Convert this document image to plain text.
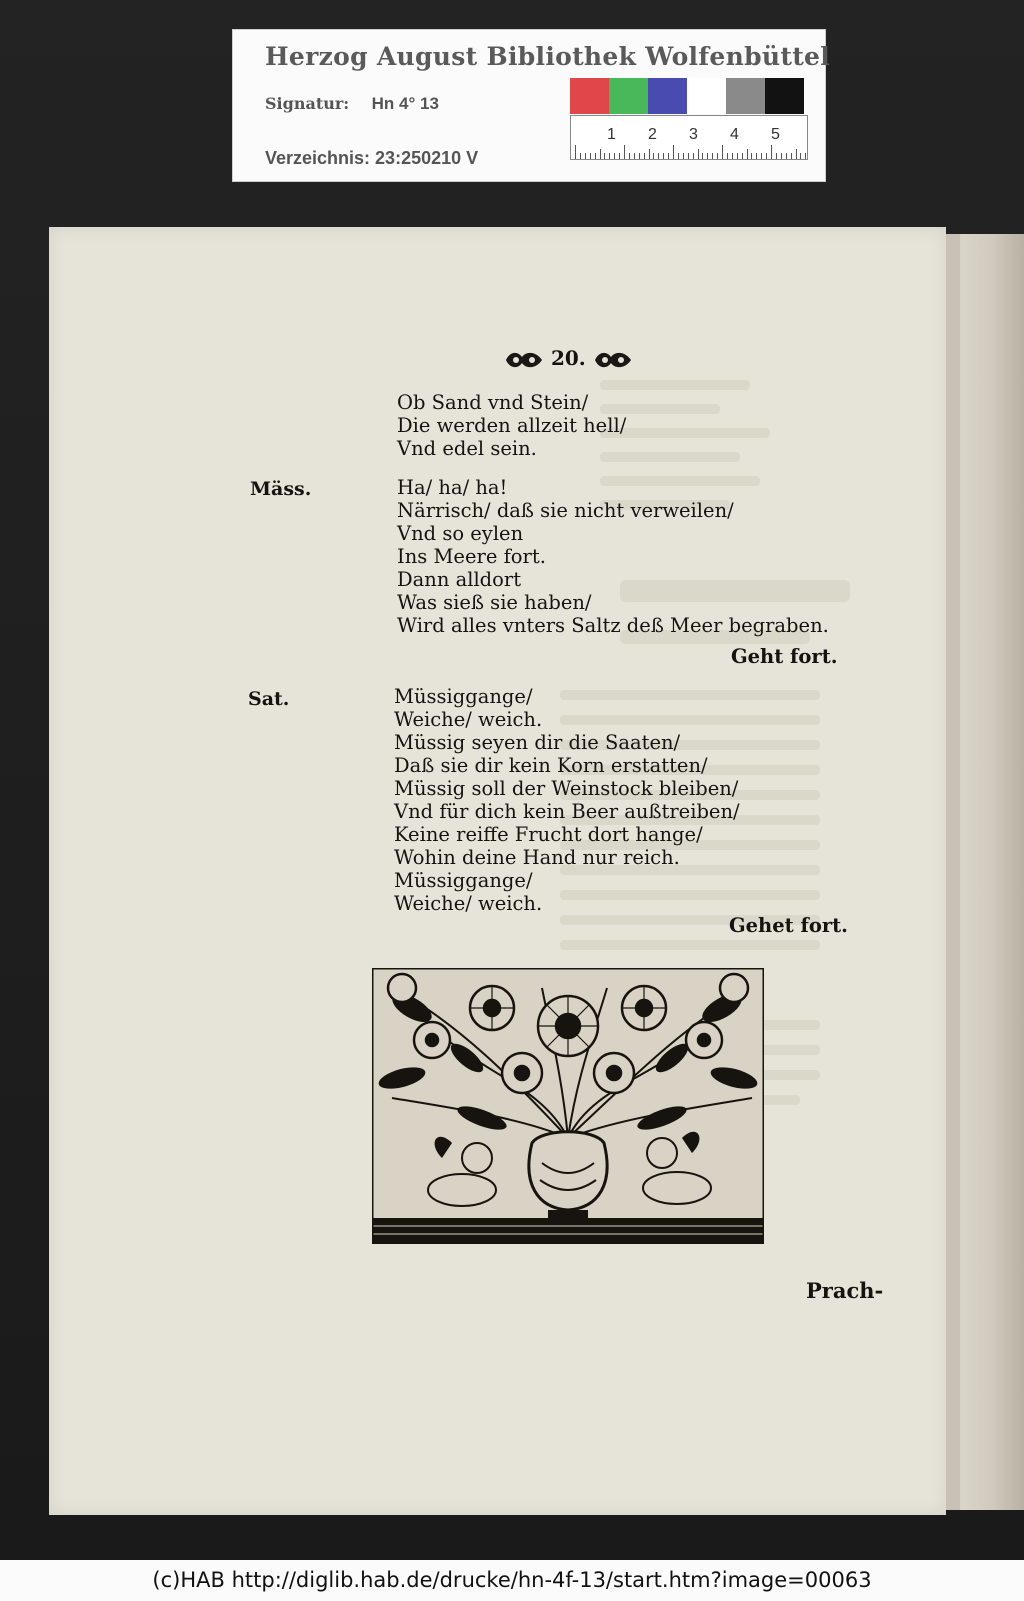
Herzog August Bibliothek Wolfenbüttel
Signatur: Hn 4° 13
Verzeichnis: 23:250210 V
1 2 3 4 5
20.
Ob Sand vnd Stein/
Die werden allzeit hell/
Vnd edel sein.
Mäss.	Ha/ ha/ ha!
Närrisch/ daß sie nicht verweilen/
Vnd so eylen
Ins Meere fort.
Dann alldort
Was sieß sie haben/
Wird alles vnters Saltz deß Meer begraben.
Geht fort.
Sat.	Müssiggange/
Weiche/ weich.
Müssig seyen dir die Saaten/
Daß sie dir kein Korn erstatten/
Müssig soll der Weinstock bleiben/
Vnd für dich kein Beer außtreiben/
Keine reiffe Frucht dort hange/
Wohin deine Hand nur reich.
Müssiggange/
Weiche/ weich.
Gehet fort.
Prach-
(c)HAB http://diglib.hab.de/drucke/hn-4f-13/start.htm?image=00063
